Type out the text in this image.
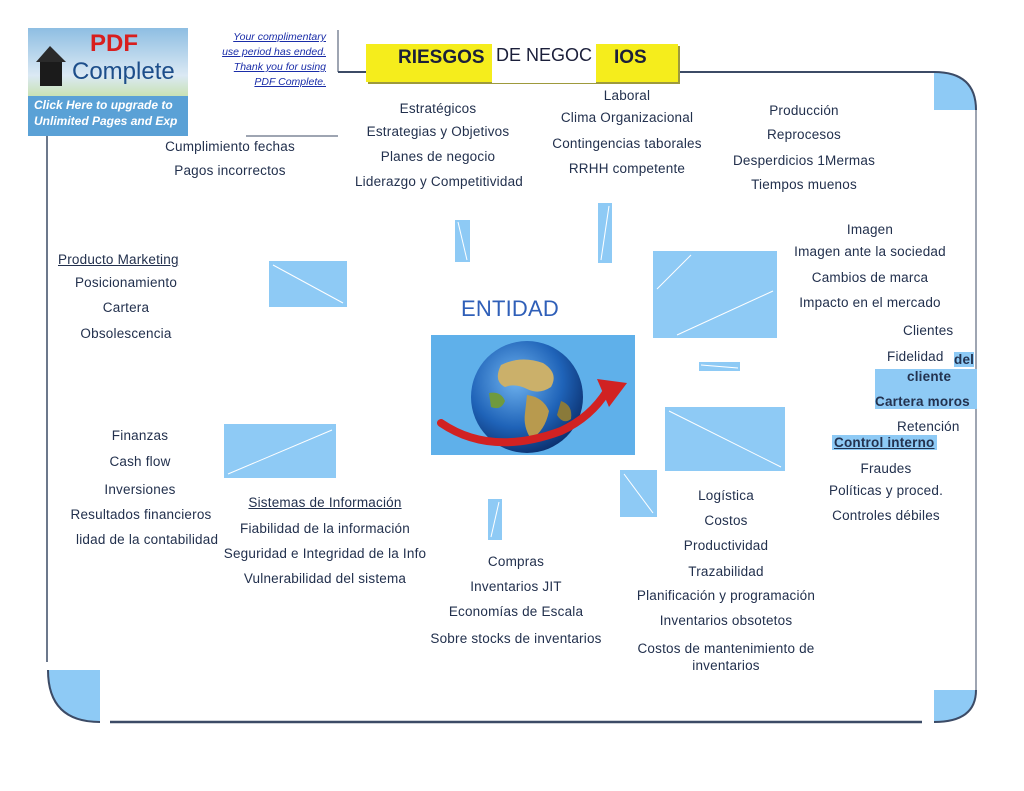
PDF
Complete
Click Here to upgrade to
Unlimited Pages and Exp
Your complimentary
use period has ended.
Thank you for using
PDF Complete.
RIESGOS DE NEGOC IOS
ENTIDAD
Cumplimiento fechas
Pagos incorrectos
Estratégicos
Estrategias y Objetivos
Planes de negocio
Liderazgo y Competitividad
Laboral
Clima Organizacional
Contingencias taborales
RRHH competente
Producción
Reprocesos
Desperdicios 1Mermas
Tiempos muenos
Producto Marketing
Posicionamiento
Cartera
Obsolescencia
Imagen
Imagen ante la sociedad
Cambios de marca
Impacto en el mercado
Clientes
Fidelidad del
cliente
Cartera moros
Retención
Finanzas
Cash flow
Inversiones
Resultados financieros
lidad de la contabilidad
Sistemas de Información
Fiabilidad de la información
Seguridad e Integridad de la Info
Vulnerabilidad del sistema
Compras
Inventarios JIT
Economías de Escala
Sobre stocks de inventarios
Logística
Costos
Productividad
Trazabilidad
Planificación y programación
Inventarios obsotetos
Costos de mantenimiento de
inventarios
Control interno
Fraudes
Políticas y proced.
Controles débiles
